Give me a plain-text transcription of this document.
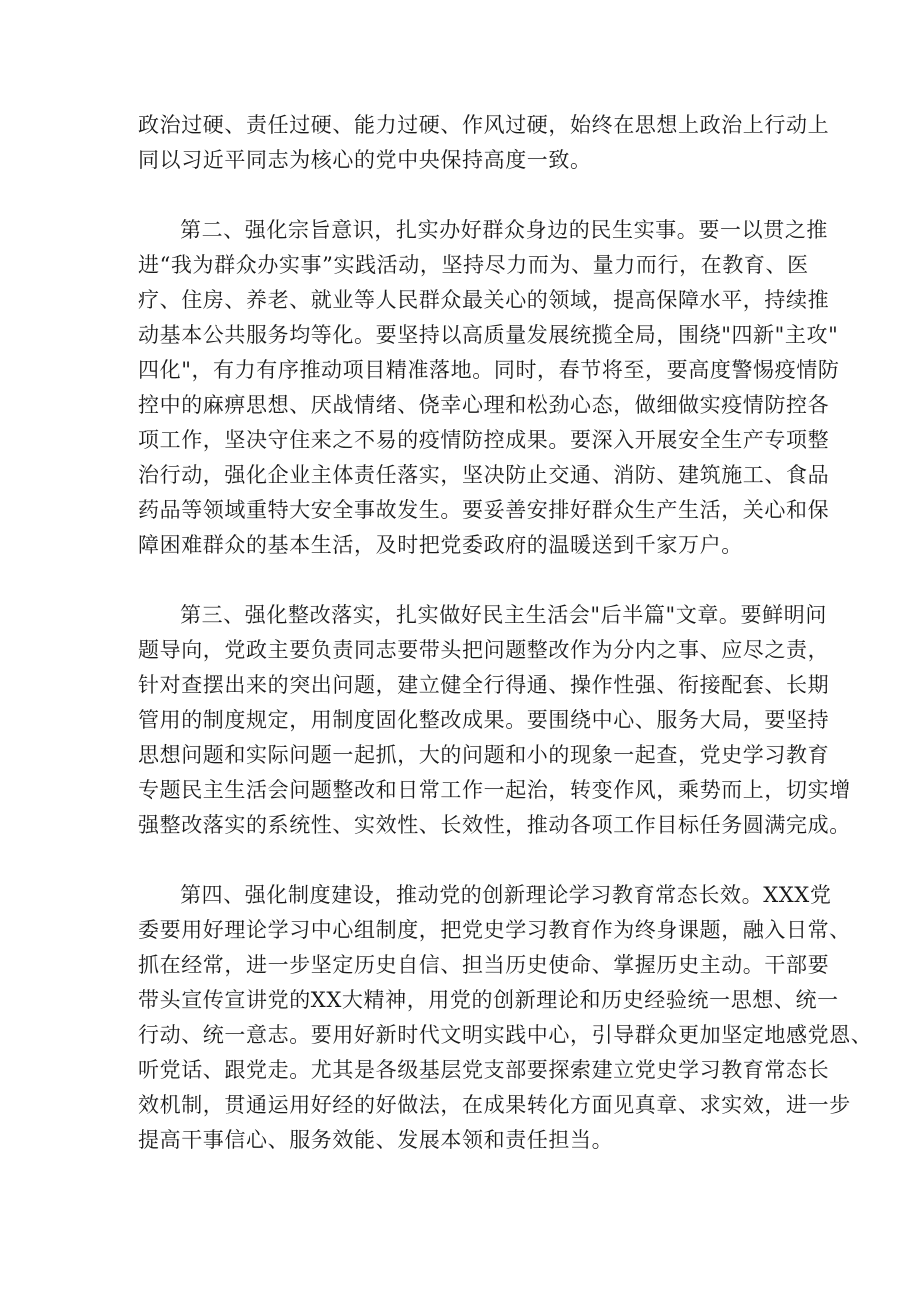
政治过硬、责任过硬、能力过硬、作风过硬，始终在思想上政治上行动上
同以习近平同志为核心的党中央保持高度一致。
第二、强化宗旨意识，扎实办好群众身边的民生实事。要一以贯之推
进“我为群众办实事”实践活动，坚持尽力而为、量力而行，在教育、医
疗、住房、养老、就业等人民群众最关心的领域，提高保障水平，持续推
动基本公共服务均等化。要坚持以高质量发展统揽全局，围绕"四新"主攻"
四化"，有力有序推动项目精准落地。同时，春节将至，要高度警惕疫情防
控中的麻痹思想、厌战情绪、侥幸心理和松劲心态，做细做实疫情防控各
项工作，坚决守住来之不易的疫情防控成果。要深入开展安全生产专项整
治行动，强化企业主体责任落实，坚决防止交通、消防、建筑施工、食品
药品等领域重特大安全事故发生。要妥善安排好群众生产生活，关心和保
障困难群众的基本生活，及时把党委政府的温暖送到千家万户。
第三、强化整改落实，扎实做好民主生活会"后半篇"文章。要鲜明问
题导向，党政主要负责同志要带头把问题整改作为分内之事、应尽之责，
针对查摆出来的突出问题，建立健全行得通、操作性强、衔接配套、长期
管用的制度规定，用制度固化整改成果。要围绕中心、服务大局，要坚持
思想问题和实际问题一起抓，大的问题和小的现象一起查，党史学习教育
专题民主生活会问题整改和日常工作一起治，转变作风，乘势而上，切实增
强整改落实的系统性、实效性、长效性，推动各项工作目标任务圆满完成。
第四、强化制度建设，推动党的创新理论学习教育常态长效。XXX党
委要用好理论学习中心组制度，把党史学习教育作为终身课题，融入日常、
抓在经常，进一步坚定历史自信、担当历史使命、掌握历史主动。干部要
带头宣传宣讲党的XX大精神，用党的创新理论和历史经验统一思想、统一
行动、统一意志。要用好新时代文明实践中心，引导群众更加坚定地感党恩、
听党话、跟党走。尤其是各级基层党支部要探索建立党史学习教育常态长
效机制，贯通运用好经的好做法，在成果转化方面见真章、求实效，进一步
提高干事信心、服务效能、发展本领和责任担当。
